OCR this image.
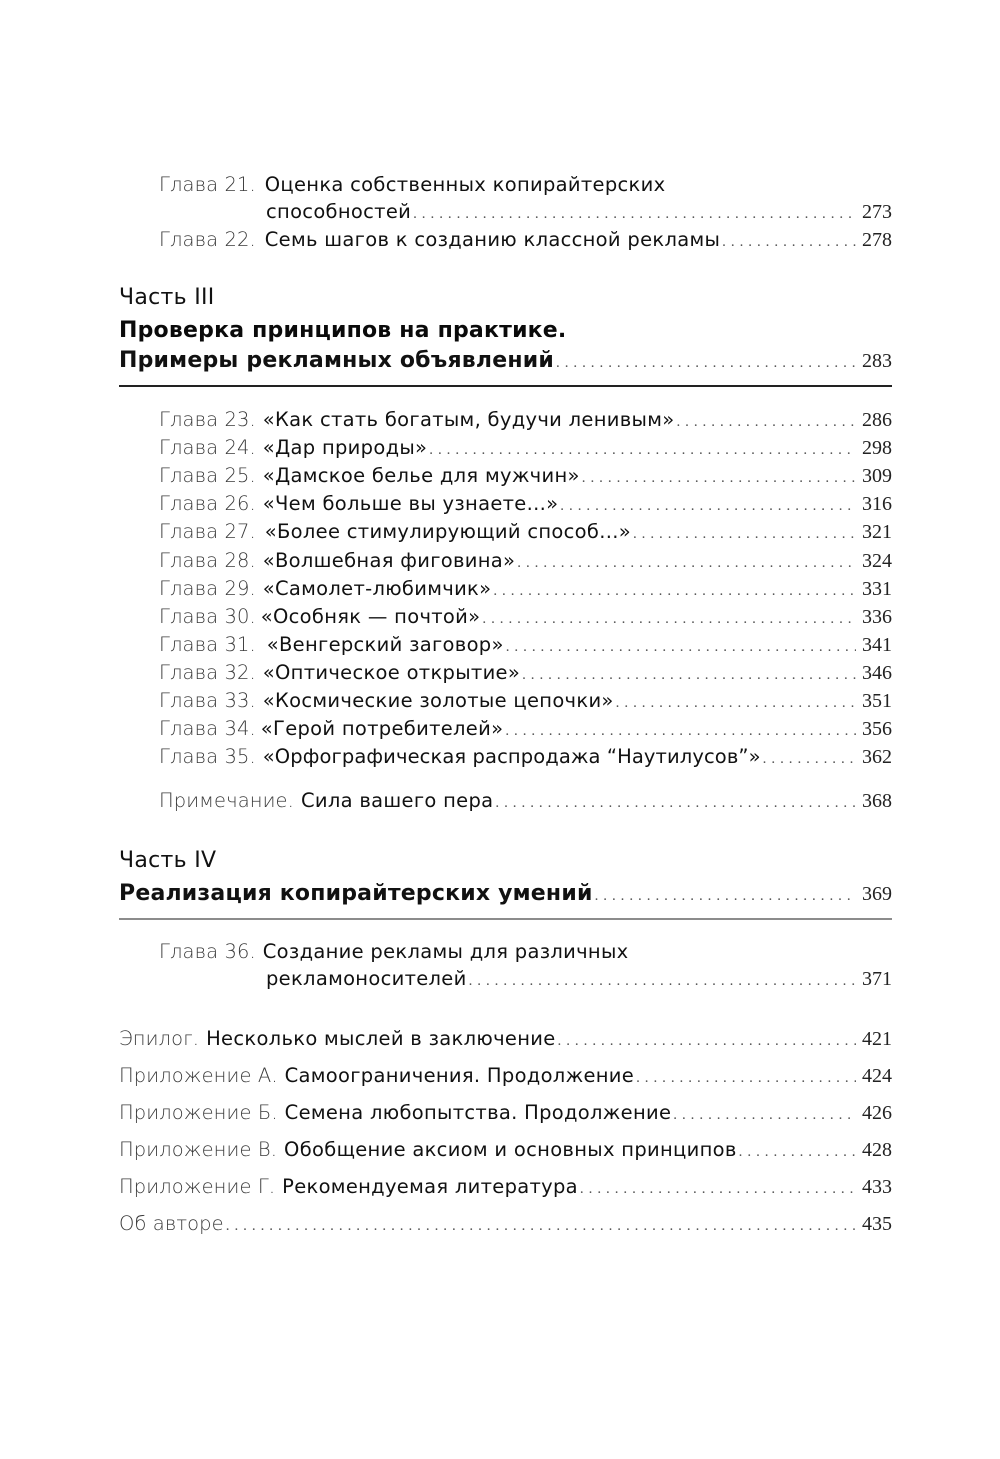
Глава 21. Оценка собственных копирайтерских
способностей . . .	273
Глава 22. Семь шагов к созданию классной рекламы . . .	278
Часть III
Проверка принципов на практике.
Примеры рекламных объявлений . . .	283
Глава 23. «Как стать богатым, будучи ленивым» . . .	286
Глава 24. «Дар природы» . . .	298
Глава 25. «Дамское белье для мужчин» . . .	309
Глава 26. «Чем больше вы узнаете...» . . .	316
Глава 27. «Более стимулирующий способ...» . . .	321
Глава 28. «Волшебная фиговина» . . .	324
Глава 29. «Самолет-любимчик» . . .	331
Глава 30. «Особняк — почтой» . . .	336
Глава 31. «Венгерский заговор» . . .	341
Глава 32. «Оптическое открытие» . . .	346
Глава 33. «Космические золотые цепочки» . . .	351
Глава 34. «Герой потребителей» . . .	356
Глава 35. «Орфографическая распродажа “Наутилусов”» . . .	362
Примечание. Сила вашего пера . . .	368
Часть IV
Реализация копирайтерских умений . . .	369
Глава 36. Создание рекламы для различных
рекламоносителей . . .	371
Эпилог. Несколько мыслей в заключение . . .	421
Приложение А. Самоограничения. Продолжение . . .	424
Приложение Б. Семена любопытства. Продолжение . . .	426
Приложение В. Обобщение аксиом и основных принципов . . .	428
Приложение Г. Рекомендуемая литература . . .	433
Об авторе . . .	435
